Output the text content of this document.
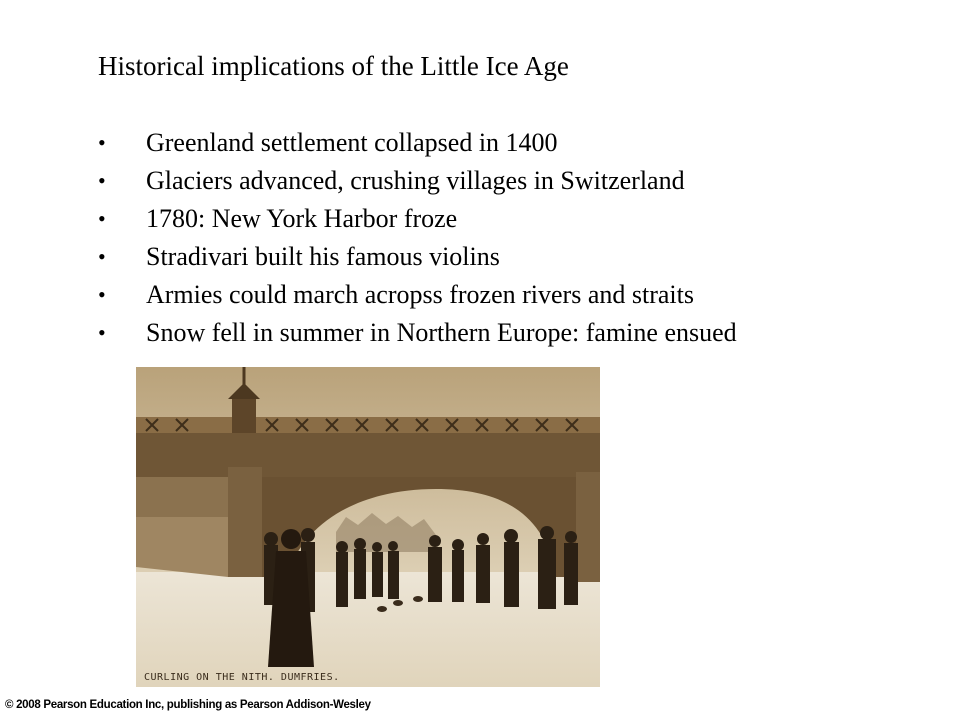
Historical implications of the Little Ice Age
• Greenland settlement collapsed in 1400
• Glaciers advanced, crushing villages in Switzerland
• 1780: New York Harbor froze
• Stradivari built his famous violins
• Armies could march acropss frozen rivers and straits
• Snow fell in summer in Northern Europe: famine ensued
CURLING ON THE NITH. DUMFRIES.
© 2008 Pearson Education Inc, publishing as Pearson Addison-Wesley
